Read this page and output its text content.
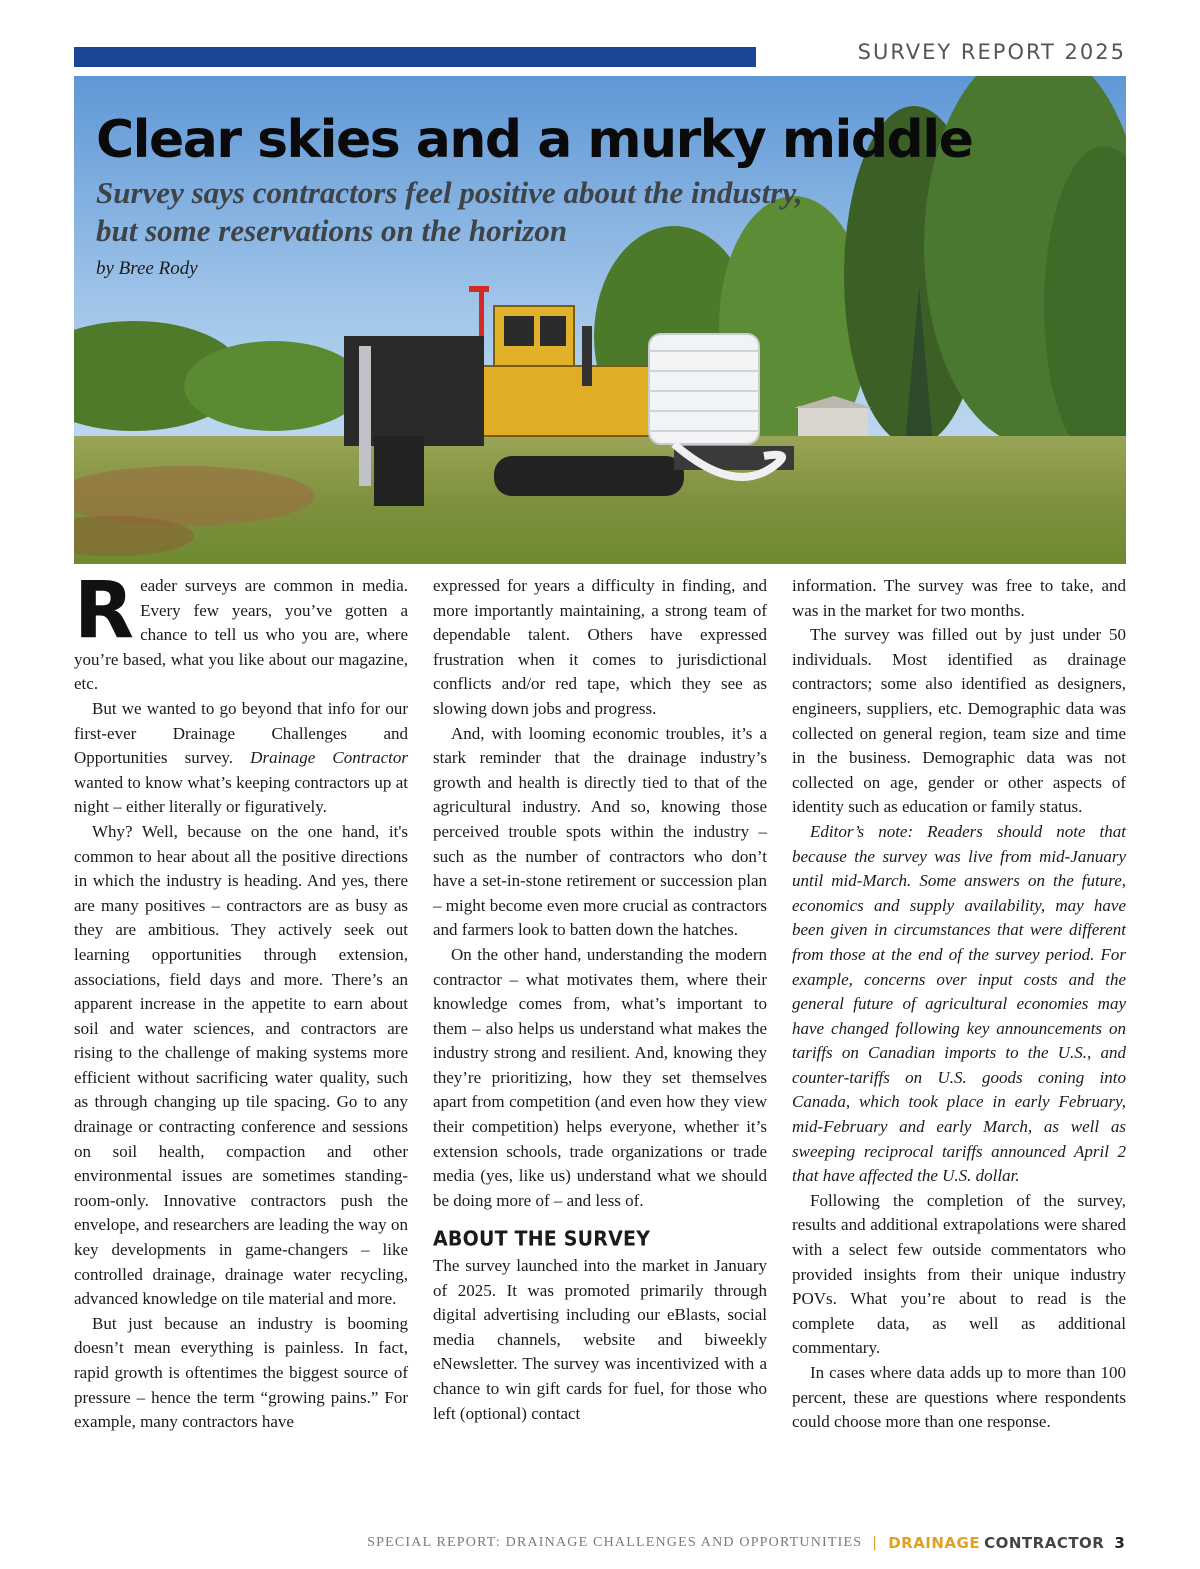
SURVEY REPORT 2025
Clear skies and a murky middle
Survey says contractors feel positive about the industry,
but some reservations on the horizon

by Bree Rody

Reader surveys are common in media. Every few years, you’ve gotten a chance to tell us who you are, where you’re based, what you like about our magazine, etc.

But we wanted to go beyond that info for our first-ever Drainage Challenges and Opportunities survey. Drainage Contractor wanted to know what’s keeping contractors up at night – either literally or figuratively.

Why? Well, because on the one hand, it's common to hear about all the positive directions in which the industry is heading. And yes, there are many positives – contractors are as busy as they are ambitious. They actively seek out learning opportunities through extension, associations, field days and more. There’s an apparent increase in the appetite to earn about soil and water sciences, and contractors are rising to the challenge of making systems more efficient without sacrificing water quality, such as through changing up tile spacing. Go to any drainage or contracting conference and sessions on soil health, compaction and other environmental issues are sometimes standing-room-only. Innovative contractors push the envelope, and researchers are leading the way on key developments in game-changers – like controlled drainage, drainage water recycling, advanced knowledge on tile material and more.

But just because an industry is booming doesn’t mean everything is painless. In fact, rapid growth is oftentimes the biggest source of pressure – hence the term “growing pains.” For example, many contractors have

expressed for years a difficulty in finding, and more importantly maintaining, a strong team of dependable talent. Others have expressed frustration when it comes to jurisdictional conflicts and/or red tape, which they see as slowing down jobs and progress.

And, with looming economic troubles, it’s a stark reminder that the drainage industry’s growth and health is directly tied to that of the agricultural industry. And so, knowing those perceived trouble spots within the industry – such as the number of contractors who don’t have a set-in-stone retirement or succession plan – might become even more crucial as contractors and farmers look to batten down the hatches.

On the other hand, understanding the modern contractor – what motivates them, where their knowledge comes from, what’s important to them – also helps us understand what makes the industry strong and resilient. And, knowing they they’re prioritizing, how they set themselves apart from competition (and even how they view their competition) helps everyone, whether it’s extension schools, trade organizations or trade media (yes, like us) understand what we should be doing more of – and less of.

ABOUT THE SURVEY

The survey launched into the market in January of 2025. It was promoted primarily through digital advertising including our eBlasts, social media channels, website and biweekly eNewsletter. The survey was incentivized with a chance to win gift cards for fuel, for those who left (optional) contact

information. The survey was free to take, and was in the market for two months.

The survey was filled out by just under 50 individuals. Most identified as drainage contractors; some also identified as designers, engineers, suppliers, etc. Demographic data was collected on general region, team size and time in the business. Demographic data was not collected on age, gender or other aspects of identity such as education or family status.

Editor’s note: Readers should note that because the survey was live from mid-January until mid-March. Some answers on the future, economics and supply availability, may have been given in circumstances that were different from those at the end of the survey period. For example, concerns over input costs and the general future of agricultural economies may have changed following key announcements on tariffs on Canadian imports to the U.S., and counter-tariffs on U.S. goods coning into Canada, which took place in early February, mid-February and early March, as well as sweeping reciprocal tariffs announced April 2 that have affected the U.S. dollar.

Following the completion of the survey, results and additional extrapolations were shared with a select few outside commentators who provided insights from their unique industry POVs. What you’re about to read is the complete data, as well as additional commentary.

In cases where data adds up to more than 100 percent, these are questions where respondents could choose more than one response.

SPECIAL REPORT: DRAINAGE CHALLENGES AND OPPORTUNITIES | DRAINAGE CONTRACTOR 3
